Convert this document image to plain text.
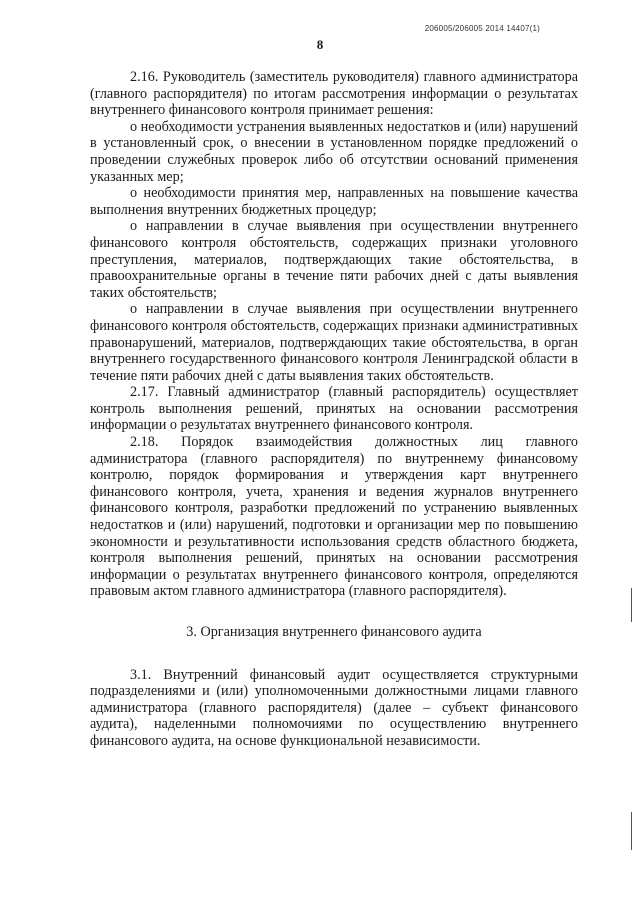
206005/206005 2014 14407(1)
8

2.16. Руководитель (заместитель руководителя) главного администратора (главного распорядителя) по итогам рассмотрения информации о результатах внутреннего финансового контроля принимает решения:

о необходимости устранения выявленных недостатков и (или) нарушений в установленный срок, о внесении в установленном порядке предложений о проведении служебных проверок либо об отсутствии оснований применения указанных мер;

о необходимости принятия мер, направленных на повышение качества выполнения внутренних бюджетных процедур;

о направлении в случае выявления при осуществлении внутреннего финансового контроля обстоятельств, содержащих признаки уголовного преступления, материалов, подтверждающих такие обстоятельства, в правоохранительные органы в течение пяти рабочих дней с даты выявления таких обстоятельств;

о направлении в случае выявления при осуществлении внутреннего финансового контроля обстоятельств, содержащих признаки административных правонарушений, материалов, подтверждающих такие обстоятельства, в орган внутреннего государственного финансового контроля Ленинградской области в течение пяти рабочих дней с даты выявления таких обстоятельств.

2.17. Главный администратор (главный распорядитель) осуществляет контроль выполнения решений, принятых на основании рассмотрения информации о результатах внутреннего финансового контроля.

2.18. Порядок взаимодействия должностных лиц главного администратора (главного распорядителя) по внутреннему финансовому контролю, порядок формирования и утверждения карт внутреннего финансового контроля, учета, хранения и ведения журналов внутреннего финансового контроля, разработки предложений по устранению выявленных недостатков и (или) нарушений, подготовки и организации мер по повышению экономности и результативности использования средств областного бюджета, контроля выполнения решений, принятых на основании рассмотрения информации о результатах внутреннего финансового контроля, определяются правовым актом главного администратора (главного распорядителя).

3. Организация внутреннего финансового аудита

3.1. Внутренний финансовый аудит осуществляется структурными подразделениями и (или) уполномоченными должностными лицами главного администратора (главного распорядителя) (далее – субъект финансового аудита), наделенными полномочиями по осуществлению внутреннего финансового аудита, на основе функциональной независимости.
